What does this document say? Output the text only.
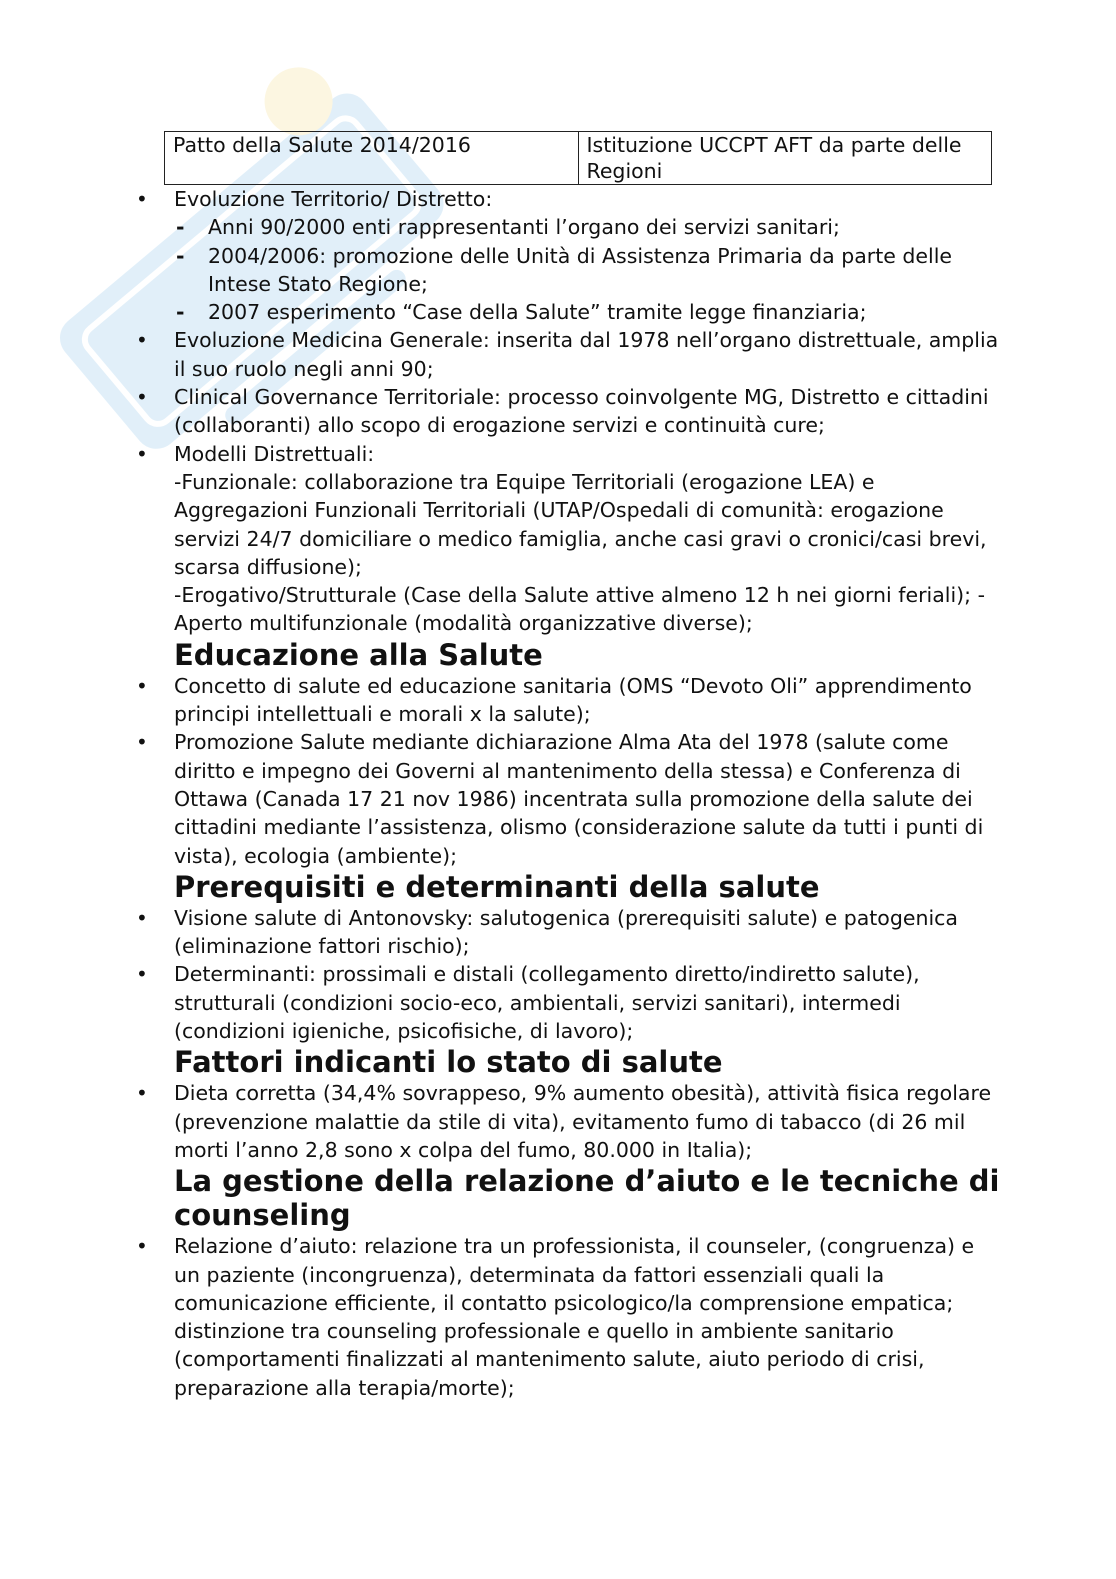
Patto della Salute 2014/2016	Istituzione UCCPT AFT da parte delle Regioni
• Evoluzione Territorio/ Distretto:
- Anni 90/2000 enti rappresentanti l’organo dei servizi sanitari;
- 2004/2006: promozione delle Unità di Assistenza Primaria da parte delle Intese Stato Regione;
- 2007 esperimento “Case della Salute” tramite legge finanziaria;
• Evoluzione Medicina Generale: inserita dal 1978 nell’organo distrettuale, amplia il suo ruolo negli anni 90;
• Clinical Governance Territoriale: processo coinvolgente MG, Distretto e cittadini (collaboranti) allo scopo di erogazione servizi e continuità cure;
• Modelli Distrettuali:
-Funzionale: collaborazione tra Equipe Territoriali (erogazione LEA) e Aggregazioni Funzionali Territoriali (UTAP/Ospedali di comunità: erogazione servizi 24/7 domiciliare o medico famiglia, anche casi gravi o cronici/casi brevi, scarsa diffusione);
-Erogativo/Strutturale (Case della Salute attive almeno 12 h nei giorni feriali); -Aperto multifunzionale (modalità organizzative diverse);
Educazione alla Salute
• Concetto di salute ed educazione sanitaria (OMS “Devoto Oli” apprendimento principi intellettuali e morali x la salute);
• Promozione Salute mediante dichiarazione Alma Ata del 1978 (salute come diritto e impegno dei Governi al mantenimento della stessa) e Conferenza di Ottawa (Canada 17 21 nov 1986) incentrata sulla promozione della salute dei cittadini mediante l’assistenza, olismo (considerazione salute da tutti i punti di vista), ecologia (ambiente);
Prerequisiti e determinanti della salute
• Visione salute di Antonovsky: salutogenica (prerequisiti salute) e patogenica (eliminazione fattori rischio);
• Determinanti: prossimali e distali (collegamento diretto/indiretto salute), strutturali (condizioni socio-eco, ambientali, servizi sanitari), intermedi (condizioni igieniche, psicofisiche, di lavoro);
Fattori indicanti lo stato di salute
• Dieta corretta (34,4% sovrappeso, 9% aumento obesità), attività fisica regolare (prevenzione malattie da stile di vita), evitamento fumo di tabacco (di 26 mil morti l’anno 2,8 sono x colpa del fumo, 80.000 in Italia);
La gestione della relazione d’aiuto e le tecniche di counseling
• Relazione d’aiuto: relazione tra un professionista, il counseler, (congruenza) e un paziente (incongruenza), determinata da fattori essenziali quali la comunicazione efficiente, il contatto psicologico/la comprensione empatica; distinzione tra counseling professionale e quello in ambiente sanitario (comportamenti finalizzati al mantenimento salute, aiuto periodo di crisi, preparazione alla terapia/morte);
